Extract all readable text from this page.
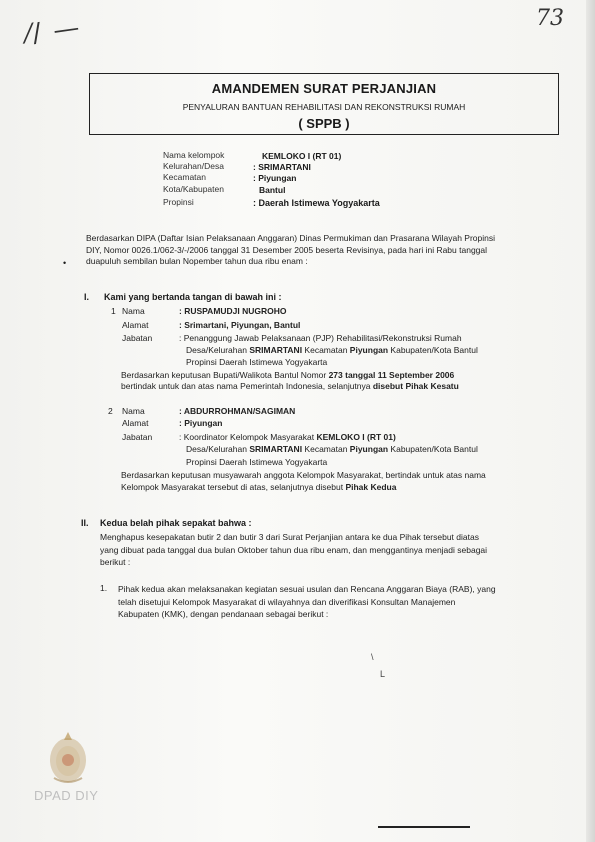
⁄/ —	73
AMANDEMEN SURAT PERJANJIAN
PENYALURAN BANTUAN REHABILITASI DAN REKONSTRUKSI RUMAH
( SPPB )
Nama kelompok	KEMLOKO I (RT 01)
Kelurahan/Desa	: SRIMARTANI
Kecamatan	: Piyungan
Kota/Kabupaten	Bantul
Propinsi	: Daerah Istimewa Yogyakarta
Berdasarkan DIPA (Daftar Isian Pelaksanaan Anggaran) Dinas Permukiman dan Prasarana Wilayah Propinsi
DIY, Nomor 0026.1/062-3/-/2006 tanggal 31 Desember 2005 beserta Revisinya, pada hari ini Rabu tanggal
duapuluh sembilan bulan Nopember tahun dua ribu enam :
•
I. Kami yang bertanda tangan di bawah ini :
1 Nama	: RUSPAMUDJI NUGROHO
Alamat	: Srimartani, Piyungan, Bantul
Jabatan	: Penanggung Jawab Pelaksanaan (PJP) Rehabilitasi/Rekonstruksi Rumah
Desa/Kelurahan SRIMARTANI Kecamatan Piyungan Kabupaten/Kota Bantul
Propinsi Daerah Istimewa Yogyakarta
Berdasarkan keputusan Bupati/Walikota Bantul Nomor 273 tanggal 11 September 2006
bertindak untuk dan atas nama Pemerintah Indonesia, selanjutnya disebut Pihak Kesatu
2 Nama	: ABDURROHMAN/SAGIMAN
Alamat	: Piyungan
Jabatan	: Koordinator Kelompok Masyarakat KEMLOKO I (RT 01)
Desa/Kelurahan SRIMARTANI Kecamatan Piyungan Kabupaten/Kota Bantul
Propinsi Daerah Istimewa Yogyakarta
Berdasarkan keputusan musyawarah anggota Kelompok Masyarakat, bertindak untuk atas nama
Kelompok Masyarakat tersebut di atas, selanjutnya disebut Pihak Kedua
II. Kedua belah pihak sepakat bahwa :
Menghapus kesepakatan butir 2 dan butir 3 dari Surat Perjanjian antara ke dua Pihak tersebut diatas
yang dibuat pada tanggal dua bulan Oktober tahun dua ribu enam, dan menggantinya menjadi sebagai
berikut :
1. Pihak kedua akan melaksanakan kegiatan sesuai usulan dan Rencana Anggaran Biaya (RAB), yang
telah disetujui Kelompok Masyarakat di wilayahnya dan diverifikasi Konsultan Manajemen
Kabupaten (KMK), dengan pendanaan sebagai berikut :
\
L
DPAD DIY
